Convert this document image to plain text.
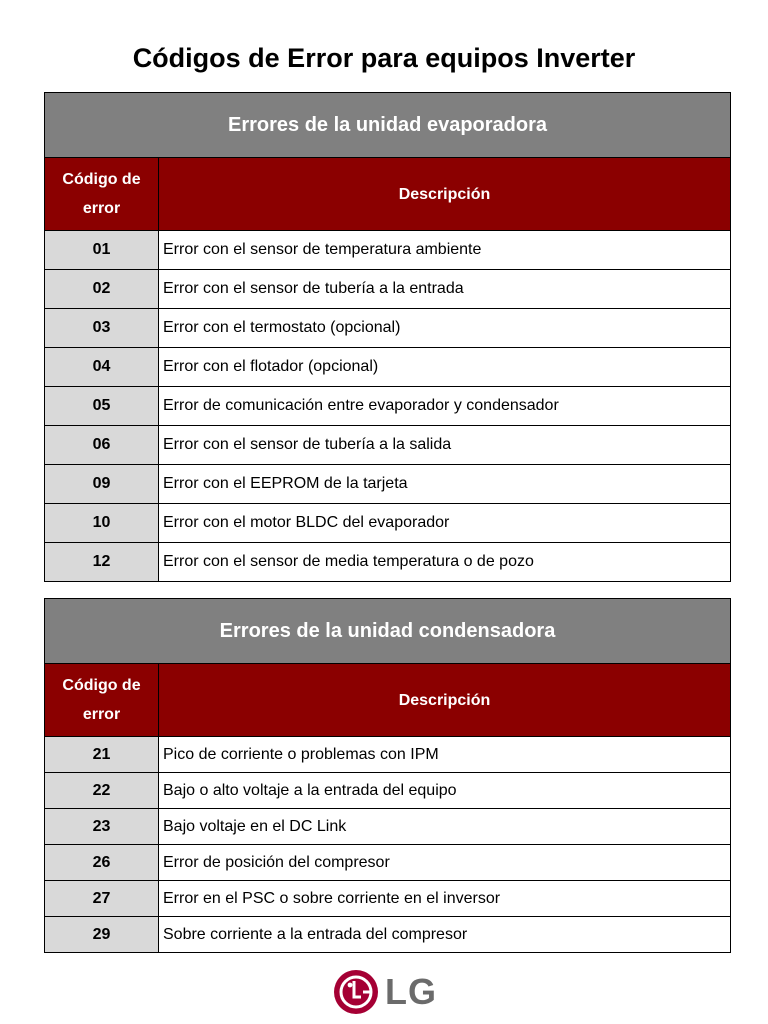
Códigos de Error para equipos Inverter
Errores de la unidad evaporadora	
Código de error	Descripción
01	Error con el sensor de temperatura ambiente
02	Error con el sensor de tubería a la entrada
03	Error con el termostato (opcional)
04	Error con el flotador (opcional)
05	Error de comunicación entre evaporador y condensador
06	Error con el sensor de tubería a la salida
09	Error con el EEPROM de la tarjeta
10	Error con el motor BLDC del evaporador
12	Error con el sensor de media temperatura o de pozo
Errores de la unidad condensadora	
Código de error	Descripción
21	Pico de corriente o problemas con IPM
22	Bajo o alto voltaje a la entrada del equipo
23	Bajo voltaje en el DC Link
26	Error de posición del compresor
27	Error en el PSC o sobre corriente en el inversor
29	Sobre corriente a la entrada del compresor
LG
